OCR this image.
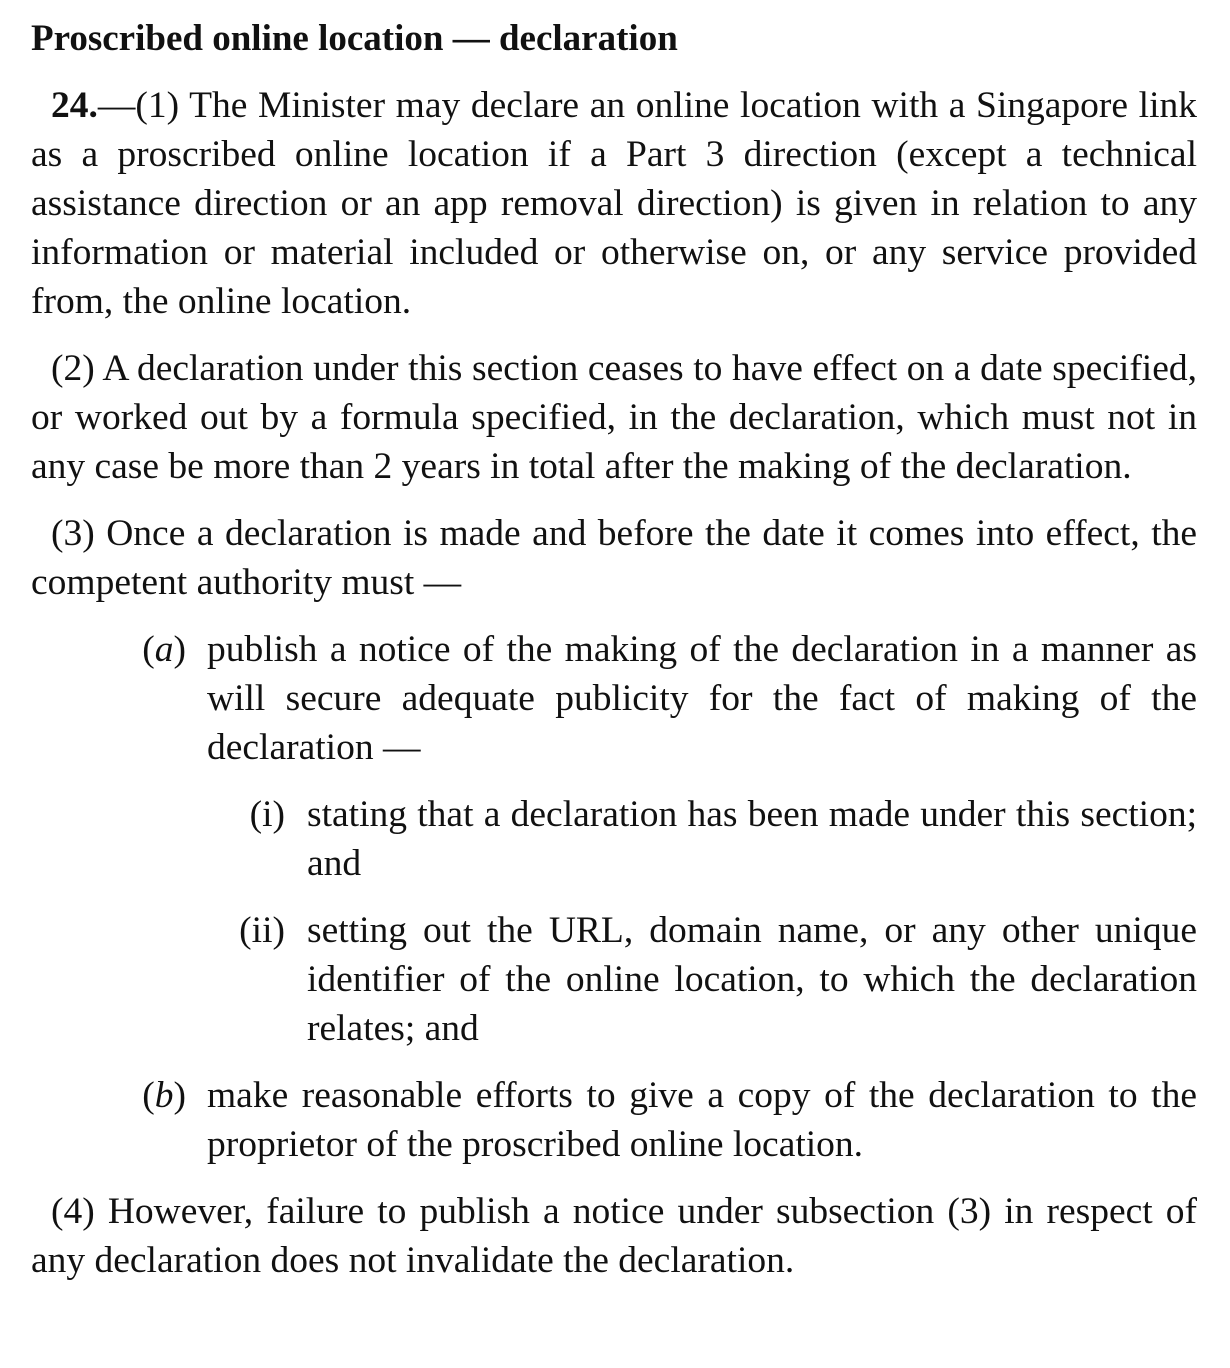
Proscribed online location — declaration
24.—(1) The Minister may declare an online location with a Singapore link as a proscribed online location if a Part 3 direction (except a technical assistance direction or an app removal direction) is given in relation to any information or material included or otherwise on, or any service provided from, the online location.
(2) A declaration under this section ceases to have effect on a date specified, or worked out by a formula specified, in the declaration, which must not in any case be more than 2 years in total after the making of the declaration.
(3) Once a declaration is made and before the date it comes into effect, the competent authority must —
(a) publish a notice of the making of the declaration in a manner as will secure adequate publicity for the fact of making of the declaration —
(i) stating that a declaration has been made under this section; and
(ii) setting out the URL, domain name, or any other unique identifier of the online location, to which the declaration relates; and
(b) make reasonable efforts to give a copy of the declaration to the proprietor of the proscribed online location.
(4) However, failure to publish a notice under subsection (3) in respect of any declaration does not invalidate the declaration.
